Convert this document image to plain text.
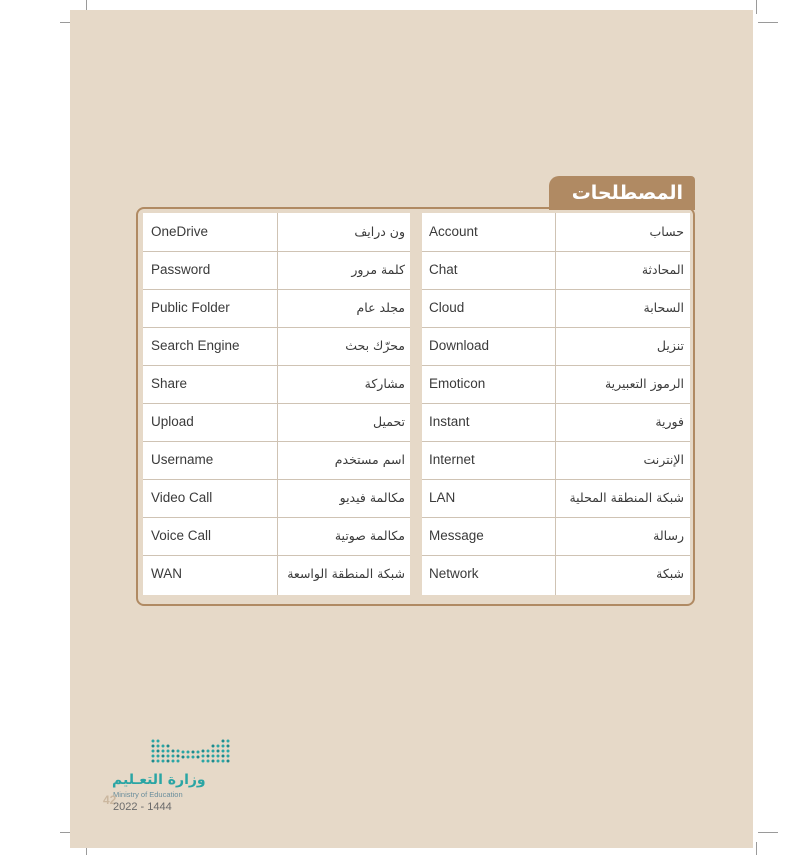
المصطلحات
OneDrive	ون درايف
Password	كلمة مرور
Public Folder	مجلد عام
Search Engine	محرّك بحث
Share	مشاركة
Upload	تحميل
Username	اسم مستخدم
Video Call	مكالمة فيديو
Voice Call	مكالمة صوتية
WAN	شبكة المنطقة الواسعة
Account	حساب
Chat	المحادثة
Cloud	السحابة
Download	تنزيل
Emoticon	الرموز التعبيرية
Instant	فورية
Internet	الإنترنت
LAN	شبكة المنطقة المحلية
Message	رسالة
Network	شبكة
وزارة التعـليم
Ministry of Education
42
2022 - 1444
